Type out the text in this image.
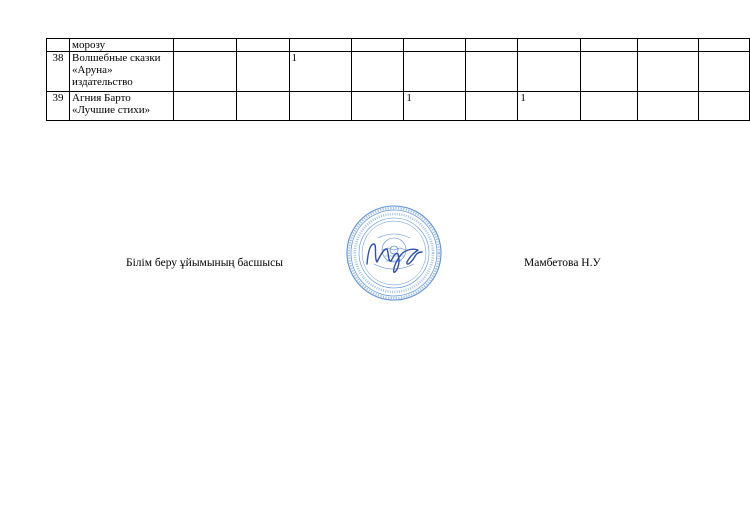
	морозу										
38	Волшебные сказки
«Аруна»
издательство			1							
39	Агния Барто
«Лучшие стихи»					1		1			
Білім беру ұйымының басшысы	Мамбетова Н.У
